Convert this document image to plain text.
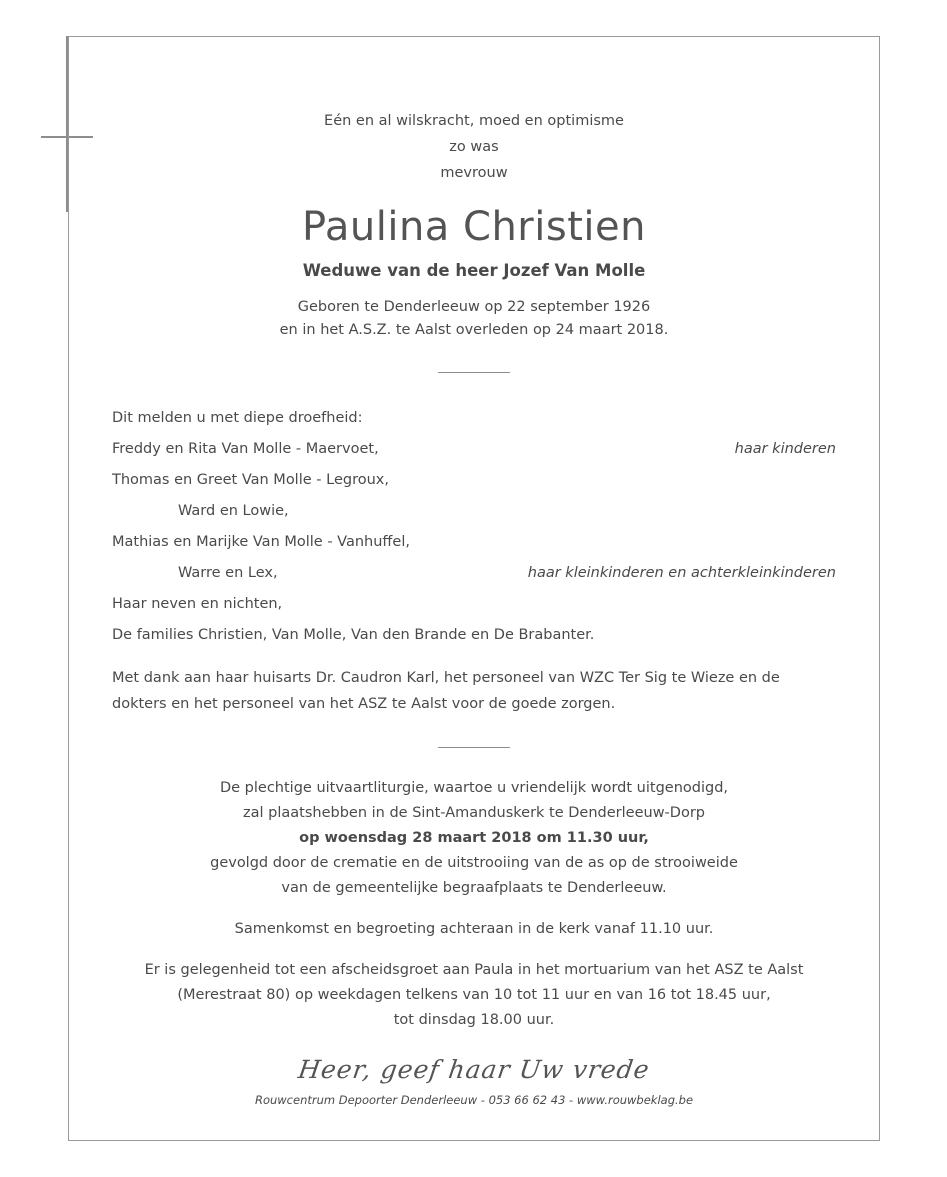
Eén en al wilskracht, moed en optimisme
zo was
mevrouw
Paulina Christien
Weduwe van de heer Jozef Van Molle
Geboren te Denderleeuw op 22 september 1926
en in het A.S.Z. te Aalst overleden op 24 maart 2018.
Dit melden u met diepe droefheid:
Freddy en Rita Van Molle - Maervoet,	haar kinderen
Thomas en Greet Van Molle - Legroux,
Ward en Lowie,
Mathias en Marijke Van Molle - Vanhuffel,
Warre en Lex,	haar kleinkinderen en achterkleinkinderen
Haar neven en nichten,
De families Christien, Van Molle, Van den Brande en De Brabanter.
Met dank aan haar huisarts Dr. Caudron Karl, het personeel van WZC Ter Sig te Wieze en de dokters en het personeel van het ASZ te Aalst voor de goede zorgen.
De plechtige uitvaartliturgie, waartoe u vriendelijk wordt uitgenodigd,
zal plaatshebben in de Sint-Amanduskerk te Denderleeuw-Dorp
op woensdag 28 maart 2018 om 11.30 uur,
gevolgd door de crematie en de uitstrooiing van de as op de strooiweide
van de gemeentelijke begraafplaats te Denderleeuw.
Samenkomst en begroeting achteraan in de kerk vanaf 11.10 uur.
Er is gelegenheid tot een afscheidsgroet aan Paula in het mortuarium van het ASZ te Aalst
(Merestraat 80) op weekdagen telkens van 10 tot 11 uur en van 16 tot 18.45 uur,
tot dinsdag 18.00 uur.
Heer, geef haar Uw vrede
Rouwcentrum Depoorter Denderleeuw - 053 66 62 43 - www.rouwbeklag.be
